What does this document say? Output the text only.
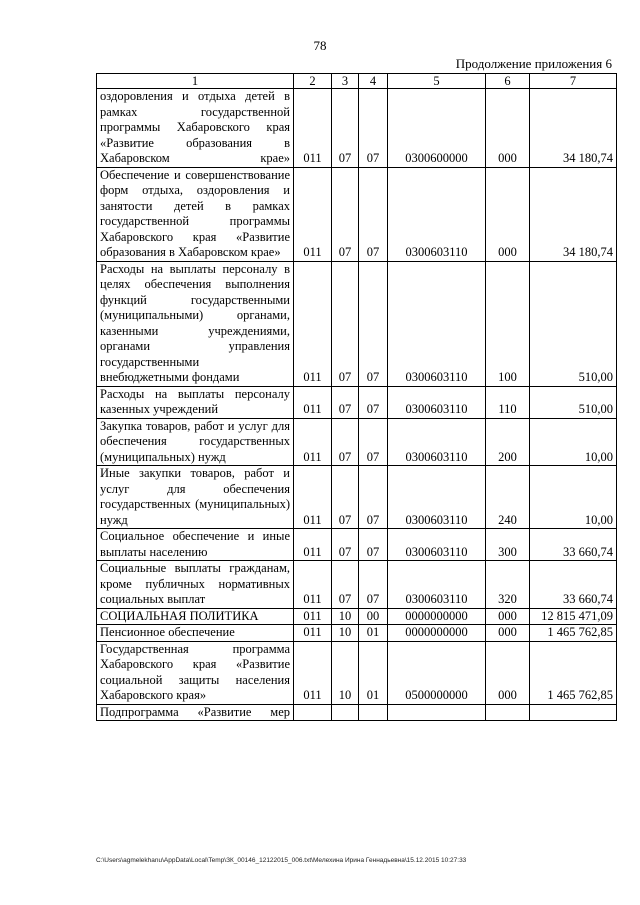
78
Продолжение приложения 6
1	2	3	4	5	6	7
оздоровления и отдыха детей в рамках государственной программы Хабаровского края «Развитие образования в Хабаровском крае»	011	07	07	0300600000	000	34 180,74
Обеспечение и совершенствование форм отдыха, оздоровления и занятости детей в рамках государственной программы Хабаровского края «Развитие образования в Хабаровском крае»	011	07	07	0300603110	000	34 180,74
Расходы на выплаты персоналу в целях обеспечения выполнения функций государственными (муниципальными) органами, казенными учреждениями, органами управления государственными внебюджетными фондами	011	07	07	0300603110	100	510,00
Расходы на выплаты персоналу казенных учреждений	011	07	07	0300603110	110	510,00
Закупка товаров, работ и услуг для обеспечения государственных (муниципальных) нужд	011	07	07	0300603110	200	10,00
Иные закупки товаров, работ и услуг для обеспечения государственных (муниципальных) нужд	011	07	07	0300603110	240	10,00
Социальное обеспечение и иные выплаты населению	011	07	07	0300603110	300	33 660,74
Социальные выплаты гражданам, кроме публичных нормативных социальных выплат	011	07	07	0300603110	320	33 660,74
СОЦИАЛЬНАЯ ПОЛИТИКА	011	10	00	0000000000	000	12 815 471,09
Пенсионное обеспечение	011	10	01	0000000000	000	1 465 762,85
Государственная программа Хабаровского края «Развитие социальной защиты населения Хабаровского края»	011	10	01	0500000000	000	1 465 762,85
Подпрограмма «Развитие мер						
C:\Users\agmelekhanu\AppData\Local\Temp\ЗК_00146_12122015_006.txt\Мелехина Ирина Геннадьевна\15.12.2015 10:27:33
